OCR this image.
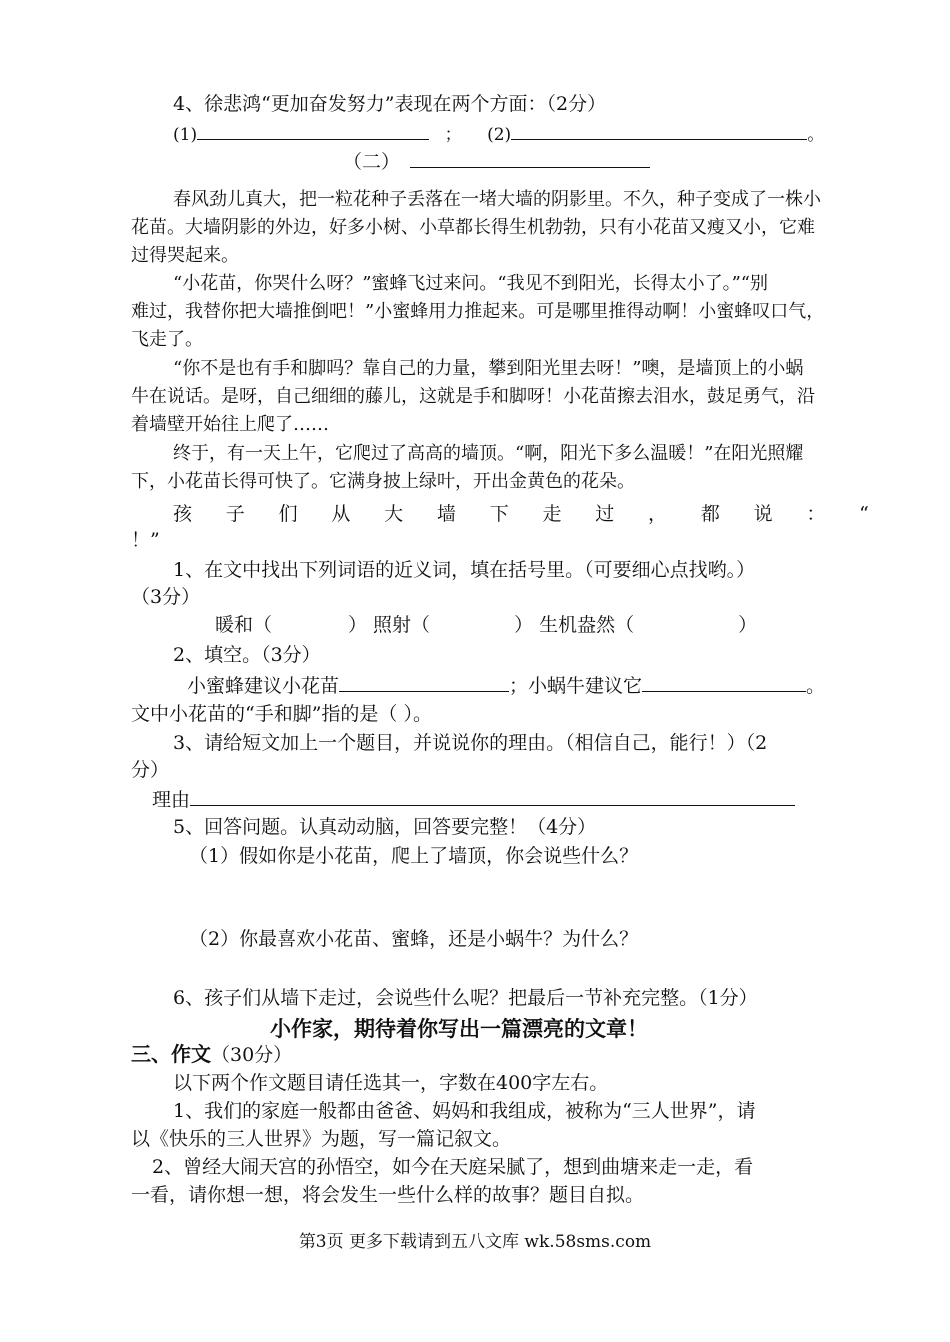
4、徐悲鸿“更加奋发努力”表现在两个方面：（2分）
(1)	； (2)	。
（二）
春风劲儿真大，把一粒花种子丢落在一堵大墙的阴影里。不久，种子变成了一株小
花苗。大墙阴影的外边，好多小树、小草都长得生机勃勃，只有小花苗又瘦又小，它难
过得哭起来。
“小花苗，你哭什么呀？”蜜蜂飞过来问。“我见不到阳光，长得太小了。”“别
难过，我替你把大墙推倒吧！”小蜜蜂用力推起来。可是哪里推得动啊！小蜜蜂叹口气，
飞走了。
“你不是也有手和脚吗？靠自己的力量，攀到阳光里去呀！”噢，是墙顶上的小蜗
牛在说话。是呀，自己细细的藤儿，这就是手和脚呀！小花苗擦去泪水，鼓足勇气，沿
着墙壁开始往上爬了……
终于，有一天上午，它爬过了高高的墙顶。“啊，阳光下多么温暖！”在阳光照耀
下，小花苗长得可快了。它满身披上绿叶，开出金黄色的花朵。
孩 子 们 从 大 墙 下 走 过 ， 都 说 ： “
！”
1、在文中找出下列词语的近义词，填在括号里。（可要细心点找哟。）
（3分）
暖和（	） 照射（	） 生机盎然（	）
2、填空。（3分）
小蜜蜂建议小花苗	；小蜗牛建议它	。
文中小花苗的“手和脚”指的是（ ）。
3、请给短文加上一个题目，并说说你的理由。（相信自己，能行！）（2
分）
理由
5、回答问题。认真动动脑，回答要完整！（4分）
（1）假如你是小花苗，爬上了墙顶，你会说些什么？
（2）你最喜欢小花苗、蜜蜂，还是小蜗牛？为什么？
6、孩子们从墙下走过，会说些什么呢？把最后一节补充完整。（1分）
小作家，期待着你写出一篇漂亮的文章！
三、作文（30分）
以下两个作文题目请任选其一，字数在400字左右。
1、我们的家庭一般都由爸爸、妈妈和我组成，被称为“三人世界”，请
以《快乐的三人世界》为题，写一篇记叙文。
2、曾经大闹天宫的孙悟空，如今在天庭呆腻了，想到曲塘来走一走，看
一看，请你想一想，将会发生一些什么样的故事？题目自拟。
第3页 更多下载请到五八文库 wk.58sms.com
